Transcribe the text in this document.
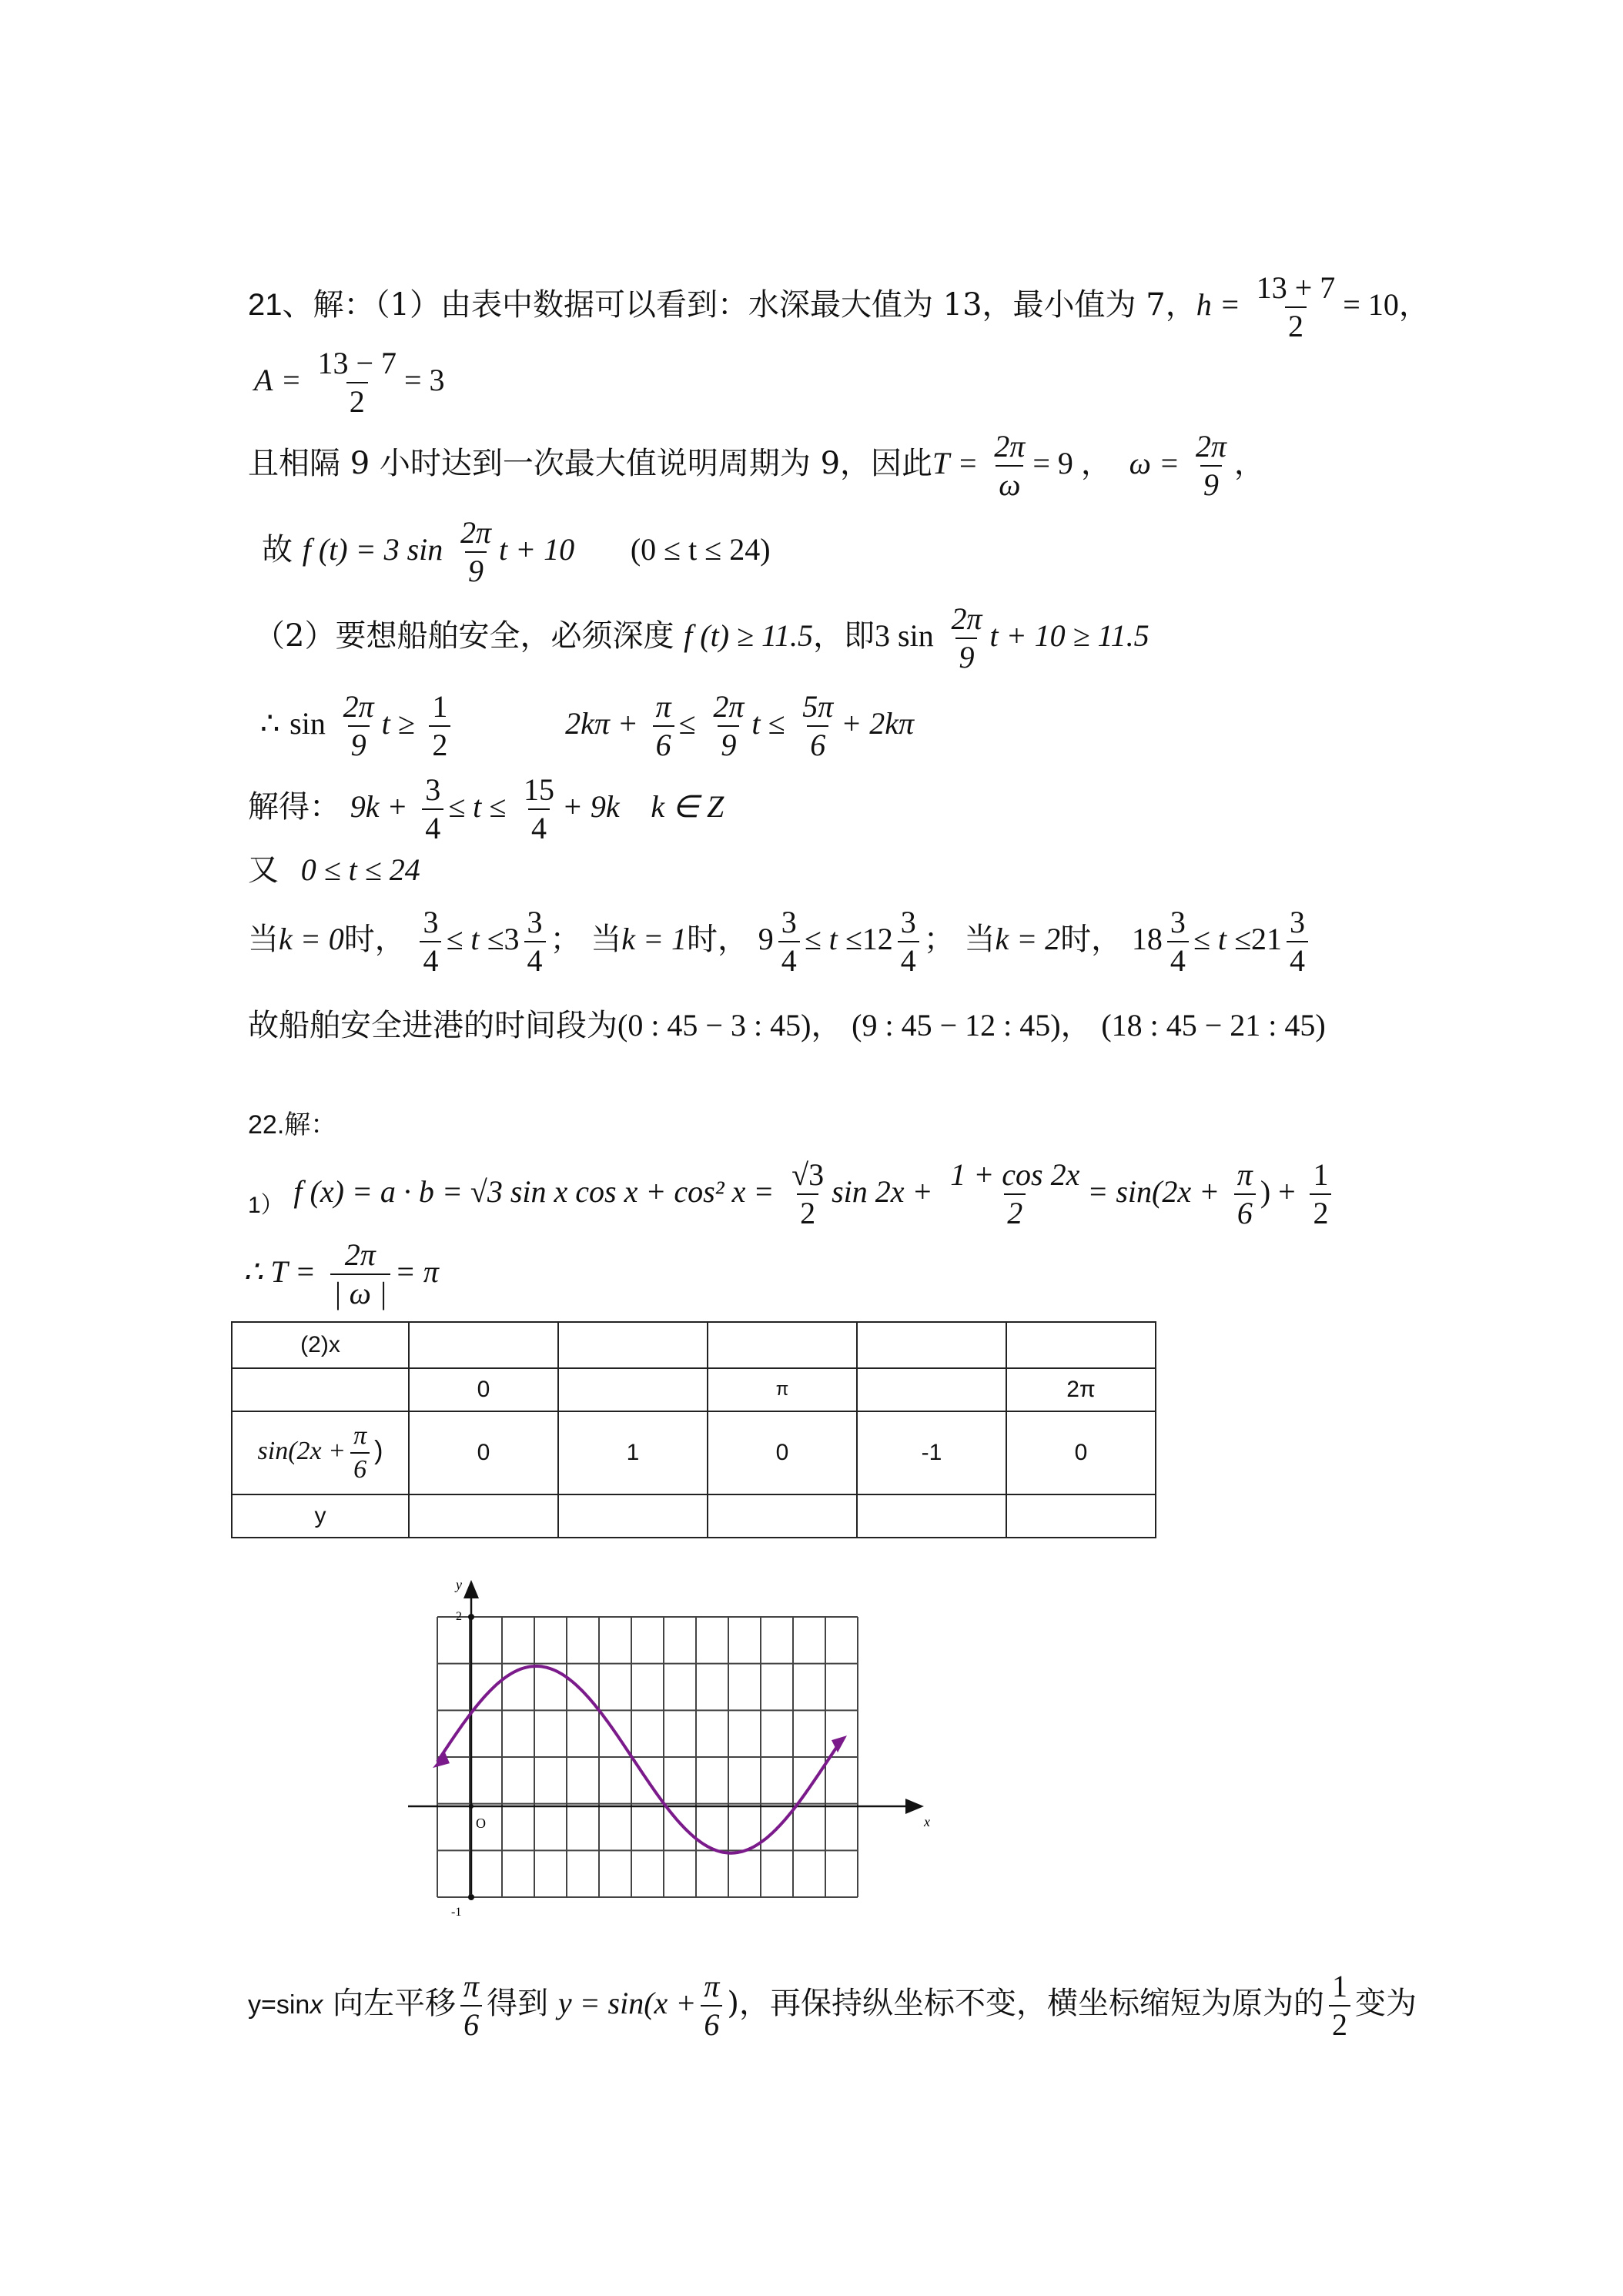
21、解：（1）由表中数据可以看到：水深最大值为 13，最小值为 7，$h = \frac{13 + 7}{2} = 10$，
$A = \frac{13 - 7}{2} = 3$
且相隔 9 小时达到一次最大值说明周期为 9，因此$T = \frac{2\pi}{\omega} = 9$ ，  $\omega = \frac{2\pi}{9}$ ，
故 f (t) = 3 $\sin \frac{2\pi}{9}$ t + 10 (0 ≤ t ≤ 24)
（2）要想船舶安全，必须深度 f (t) ≥ 11.5，即3 $\sin \frac{2\pi}{9}$ t + 10 ≥ 11.5
∴ $\sin \frac{2\pi}{9}$ $t \ge \frac{1}{2}$	$2k\pi + \frac{\pi}{6} \le \frac{2\pi}{9}$ $t \le \frac{5\pi}{6} + 2k\pi$
解得： $9k + \frac{3}{4} \le t \le \frac{15}{4} + 9k$ k ∈ Z
又 0 ≤ t ≤ 24
当k = 0时， $\frac{3}{4} \le t \le 3 \frac{3}{4}$ ； 当k = 1时， $9 \frac{3}{4} \le t \le 12 \frac{3}{4}$ ； 当k = 2时， $18 \frac{3}{4} \le t \le 21 \frac{3}{4}$
故船舶安全进港的时间段为(0 : 45 − 3 : 45)， (9 : 45 − 12 : 45)， (18 : 45 − 21 : 45)
22.解：
$_{1)}$ f (x) = a · b = √3 sin x cos x + cos² $x = \frac{√3}{2}$ $\sin 2x + \frac{1 + \cos 2x}{2} = \sin(2x + \frac{\pi}{6}$ ) + $\frac{1}{2}$
∴ $T = \frac{2\pi}{| \omega |} = \pi$
(2)x					
	0		π		2π
$\sin(2x + \frac{\pi}{6}$ )	0	1	0	-1	0
y					
y
x
O
2
-1
y=sinx 向左平移 $\frac{\pi}{6}$ 得到 $y = \sin(x + \frac{\pi}{6}$ )，再保持纵坐标不变，横坐标缩短为原为的 $\frac{1}{2}$ 变为
